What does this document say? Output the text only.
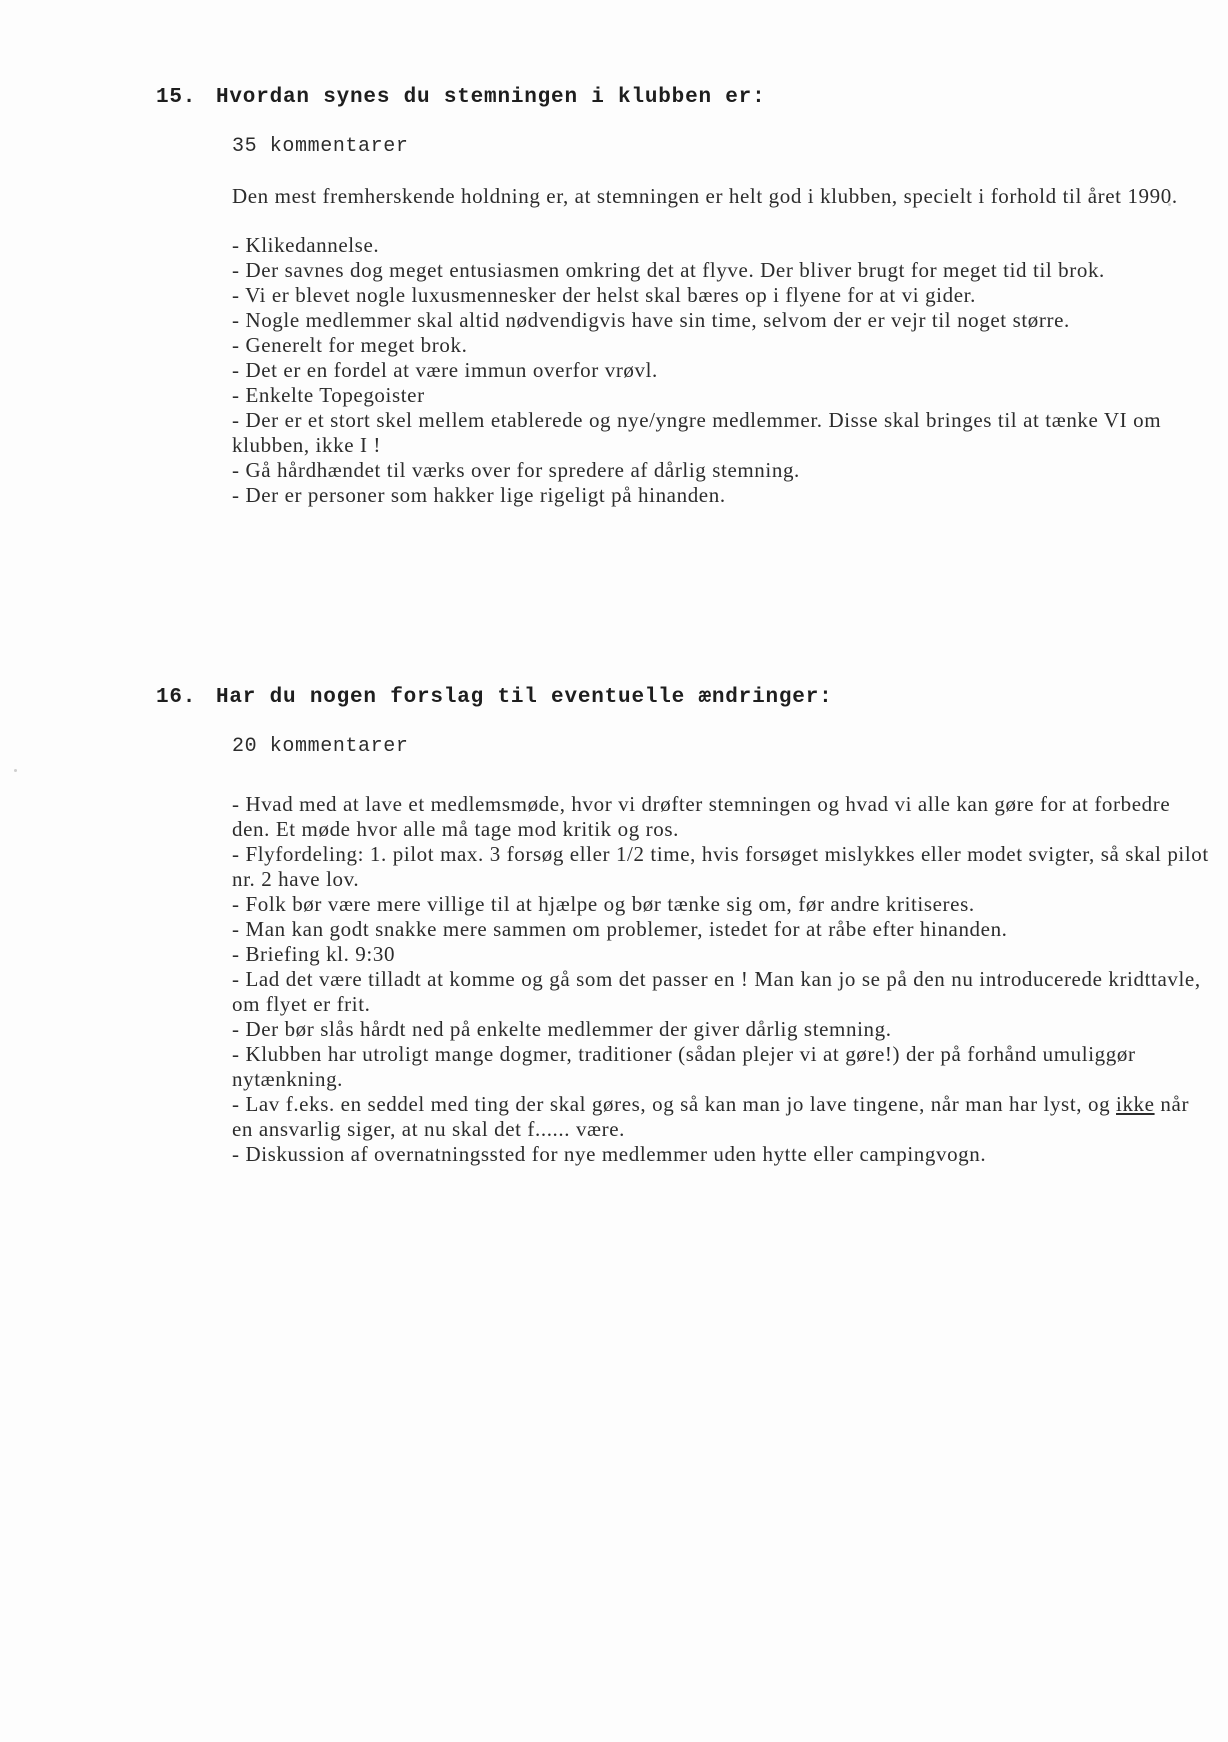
15. Hvordan synes du stemningen i klubben er:
35 kommentarer
Den mest fremherskende holdning er, at stemningen er helt god i klubben, specielt i forhold til året 1990.

- Klikedannelse.

- Der savnes dog meget entusiasmen omkring det at flyve. Der bliver brugt for meget tid til brok.

- Vi er blevet nogle luxusmennesker der helst skal bæres op i flyene for at vi gider.

- Nogle medlemmer skal altid nødvendigvis have sin time, selvom der er vejr til noget større.

- Generelt for meget brok.

- Det er en fordel at være immun overfor vrøvl.

- Enkelte Topegoister

- Der er et stort skel mellem etablerede og nye/yngre medlemmer. Disse skal bringes til at tænke VI om klubben, ikke I !

- Gå hårdhændet til værks over for spredere af dårlig stemning.

- Der er personer som hakker lige rigeligt på hinanden.

16. Har du nogen forslag til eventuelle ændringer:
20 kommentarer

- Hvad med at lave et medlemsmøde, hvor vi drøfter stemningen og hvad vi alle kan gøre for at forbedre den. Et møde hvor alle må tage mod kritik og ros.

- Flyfordeling: 1. pilot max. 3 forsøg eller 1/2 time, hvis forsøget mislykkes eller modet svigter, så skal pilot nr. 2 have lov.

- Folk bør være mere villige til at hjælpe og bør tænke sig om, før andre kritiseres.

- Man kan godt snakke mere sammen om problemer, istedet for at råbe efter hinanden.

- Briefing kl. 9:30

- Lad det være tilladt at komme og gå som det passer en ! Man kan jo se på den nu introducerede kridttavle, om flyet er frit.

- Der bør slås hårdt ned på enkelte medlemmer der giver dårlig stemning.

- Klubben har utroligt mange dogmer, traditioner (sådan plejer vi at gøre!) der på forhånd umuliggør nytænkning.

- Lav f.eks. en seddel med ting der skal gøres, og så kan man jo lave tingene, når man har lyst, og ikke når en ansvarlig siger, at nu skal det f...... være.

- Diskussion af overnatningssted for nye medlemmer uden hytte eller campingvogn.
